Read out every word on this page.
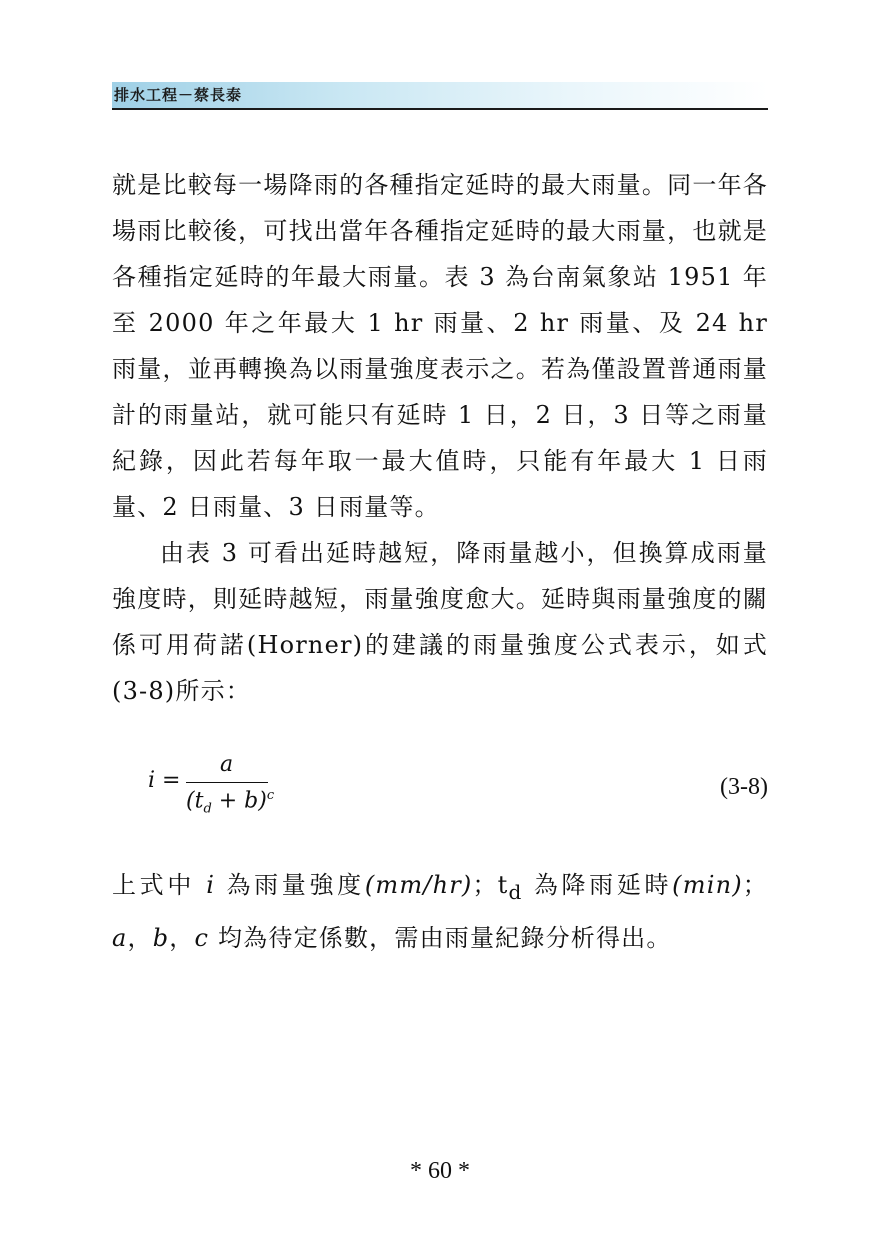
排水工程－蔡長泰

就是比較每一場降雨的各種指定延時的最大雨量。同一年各場雨比較後，可找出當年各種指定延時的最大雨量，也就是各種指定延時的年最大雨量。表 3 為台南氣象站 1951 年至 2000 年之年最大 1 hr 雨量、2 hr 雨量、及 24 hr 雨量，並再轉換為以雨量強度表示之。若為僅設置普通雨量計的雨量站，就可能只有延時 1 日，2 日，3 日等之雨量紀錄，因此若每年取一最大值時，只能有年最大 1 日雨量、2 日雨量、3 日雨量等。

由表 3 可看出延時越短，降雨量越小，但換算成雨量強度時，則延時越短，雨量強度愈大。延時與雨量強度的關係可用荷諾(Horner)的建議的雨量強度公式表示，如式(3-8)所示：

i =
a
$(t_d + b)^c$	(3-8)

上式中 i 為雨量強度(mm/hr)；$t_d$ 為降雨延時(min)；a，b，c 均為待定係數，需由雨量紀錄分析得出。

* 60 *
